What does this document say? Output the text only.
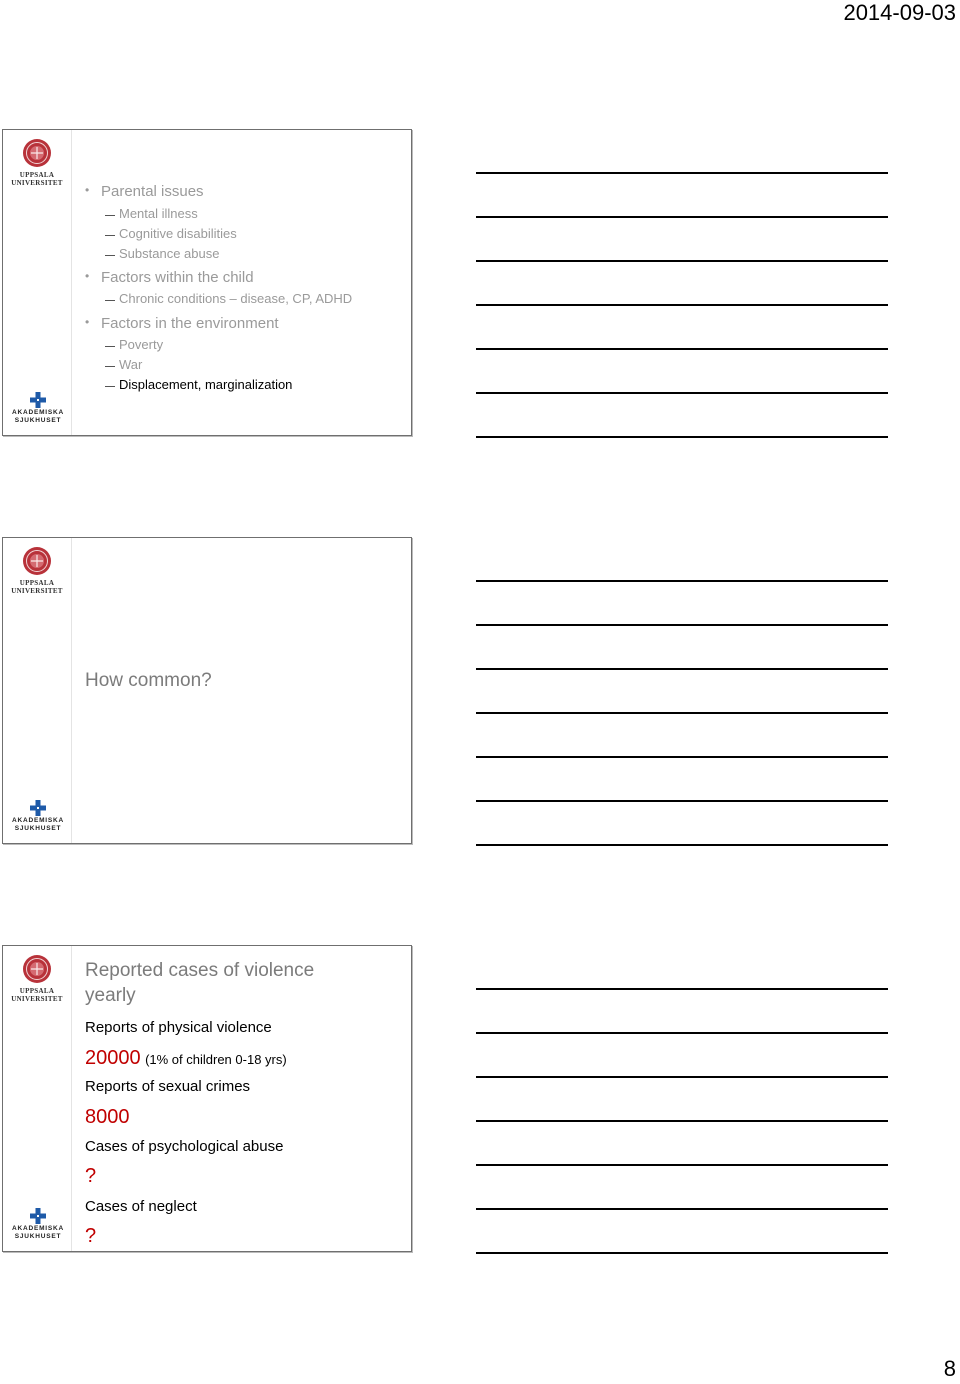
2014-09-03
UPPSALA
UNIVERSITET
AKADEMISKA
SJUKHUSET

• Parental issues

Mental illness

Cognitive disabilities

Substance abuse

• Factors within the child

Chronic conditions – disease, CP, ADHD

• Factors in the environment

Poverty

War

Displacement, marginalization

UPPSALA
UNIVERSITET
AKADEMISKA
SJUKHUSET

How common?

UPPSALA
UNIVERSITET
AKADEMISKA
SJUKHUSET

Reported cases of violence yearly

Reports of physical violence

20000 (1% of children 0-18 yrs)

Reports of sexual crimes

8000

Cases of psychological abuse

?

Cases of neglect

?

8
